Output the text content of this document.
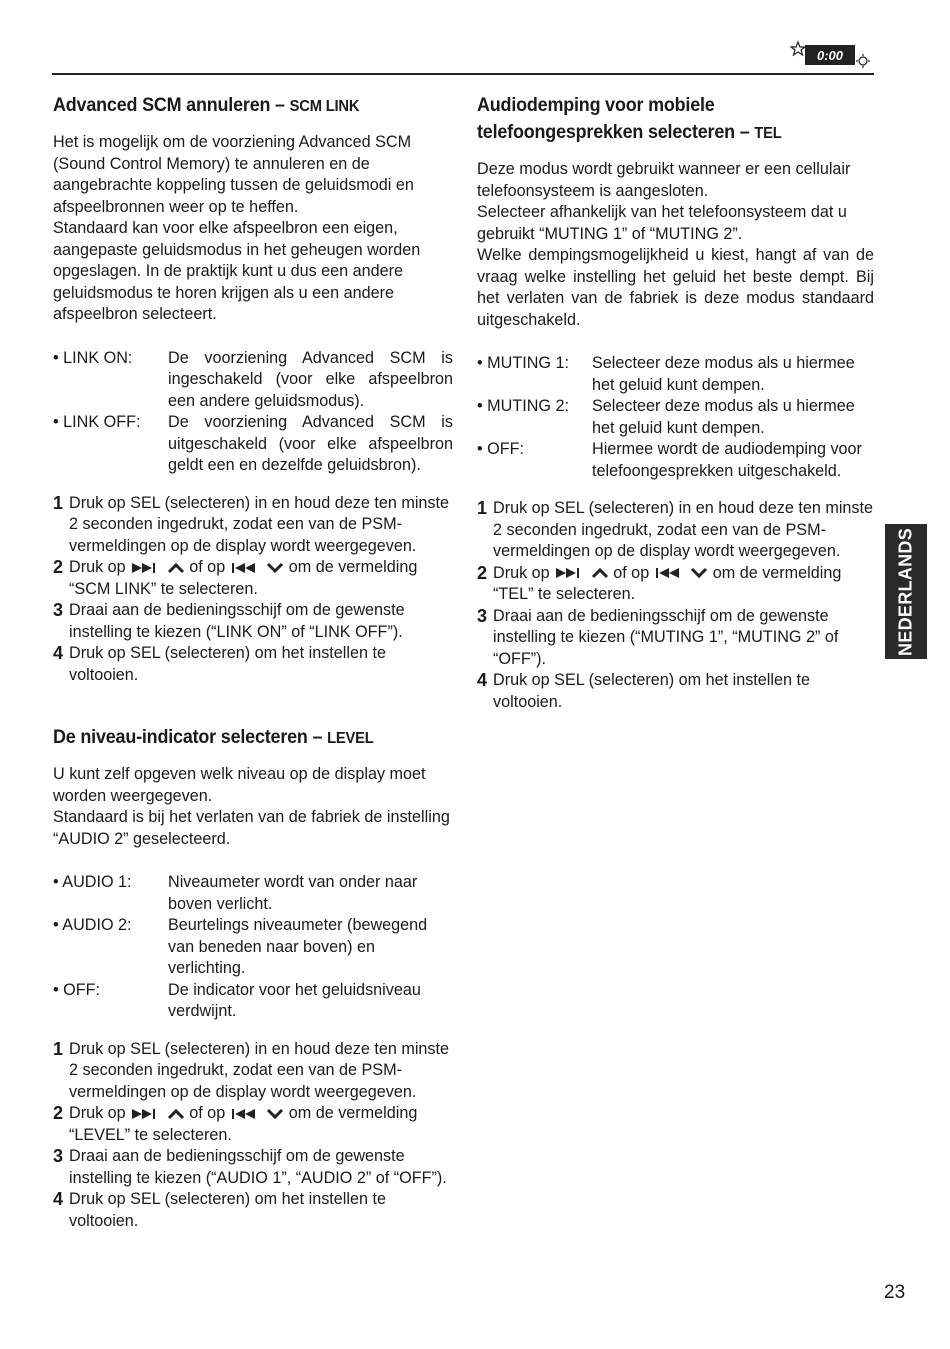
0:00
Advanced SCM annuleren – SCM LINK

Het is mogelijk om de voorziening Advanced SCM (Sound Control Memory) te annuleren en de aangebrachte koppeling tussen de geluidsmodi en afspeelbronnen weer op te heffen.

Standaard kan voor elke afspeelbron een eigen, aangepaste geluidsmodus in het geheugen worden opgeslagen. In de praktijk kunt u dus een andere geluidsmodus te horen krijgen als u een andere afspeelbron selecteert.

• LINK ON:	De voorziening Advanced SCM is ingeschakeld (voor elke afspeelbron een andere geluidsmodus).
• LINK OFF:	De voorziening Advanced SCM is uitgeschakeld (voor elke afspeelbron geldt een en dezelfde geluidsbron).
1 Druk op SEL (selecteren) in en houd deze ten minste 2 seconden ingedrukt, zodat een van de PSM-vermeldingen op de display wordt weergegeven.
2 Druk op	of op	om de vermelding “SCM LINK” te selecteren.
3 Draai aan de bedieningsschijf om de gewenste instelling te kiezen (“LINK ON” of “LINK OFF”).
4 Druk op SEL (selecteren) om het instellen te voltooien.
De niveau-indicator selecteren – LEVEL

U kunt zelf opgeven welk niveau op de display moet worden weergegeven.

Standaard is bij het verlaten van de fabriek de instelling “AUDIO 2” geselecteerd.

• AUDIO 1:	Niveaumeter wordt van onder naar boven verlicht.
• AUDIO 2:	Beurtelings niveaumeter (bewegend van beneden naar boven) en verlichting.
• OFF:	De indicator voor het geluidsniveau verdwijnt.
1 Druk op SEL (selecteren) in en houd deze ten minste 2 seconden ingedrukt, zodat een van de PSM-vermeldingen op de display wordt weergegeven.
2 Druk op	of op	om de vermelding “LEVEL” te selecteren.
3 Draai aan de bedieningsschijf om de gewenste instelling te kiezen (“AUDIO 1”, “AUDIO 2” of “OFF”).
4 Druk op SEL (selecteren) om het instellen te voltooien.
Audiodemping voor mobiele
telefoongesprekken selecteren – TEL

Deze modus wordt gebruikt wanneer er een cellulair telefoonsysteem is aangesloten.

Selecteer afhankelijk van het telefoonsysteem dat u gebruikt “MUTING 1” of “MUTING 2”.

Welke dempingsmogelijkheid u kiest, hangt af van de vraag welke instelling het geluid het beste dempt. Bij het verlaten van de fabriek is deze modus standaard uitgeschakeld.

• MUTING 1:	Selecteer deze modus als u hiermee het geluid kunt dempen.
• MUTING 2:	Selecteer deze modus als u hiermee het geluid kunt dempen.
• OFF:	Hiermee wordt de audiodemping voor telefoongesprekken uitgeschakeld.
1 Druk op SEL (selecteren) in en houd deze ten minste 2 seconden ingedrukt, zodat een van de PSM-vermeldingen op de display wordt weergegeven.
2 Druk op	of op	om de vermelding “TEL” te selecteren.
3 Draai aan de bedieningsschijf om de gewenste instelling te kiezen (“MUTING 1”, “MUTING 2” of “OFF”).
4 Druk op SEL (selecteren) om het instellen te voltooien.
NEDERLANDS
23
